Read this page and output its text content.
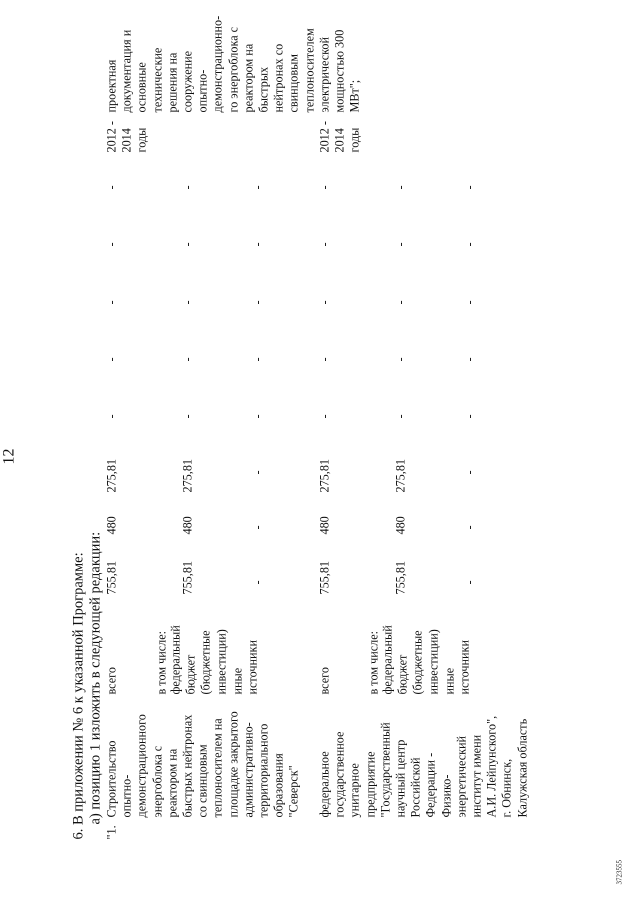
12
3723555
6. В приложении № 6 к указанной Программе: а) позицию 1 изложить в следующей редакции:
"1.
Строительство
опытно-
демонстрационного
энергоблока с
реактором на
быстрых нейтронах
со свинцовым
теплоносителем на
площадке закрытого
административно-
территориального
образования
"Северск" федеральное
государственное
унитарное
предприятие
"Государственный
научный центр
Российской
Федерации -
Физико-
энергетический
институт имени
А.И. Лейпунского",
г. Обнинск,
Калужская область
всего	в том числе: федеральный
бюджет
(бюджетные
инвестиции) иные
источники
755,81
480
275,81
755,81
480
275,81
-
-
-
-
-
-
-
-
2012 -
2014
годы
проектная
документация и
основные
технические
решения на
сооружение
опытно-
демонстрационно-
го энергоблока с
реактором на
быстрых
нейтронах со
свинцовым
теплоносителем
электрической
мощностью 300
МВт";
-
-
-
-
-
-
-
-
-
-
всего	в том числе: федеральный
бюджет
(бюджетные
инвестиции) иные
источники
755,81
480
275,81
755,81
480
275,81
-
-
-
-
-
-
-
-
2012 -
2014
годы
-
-
-
-
-
-
-
-
-
-
